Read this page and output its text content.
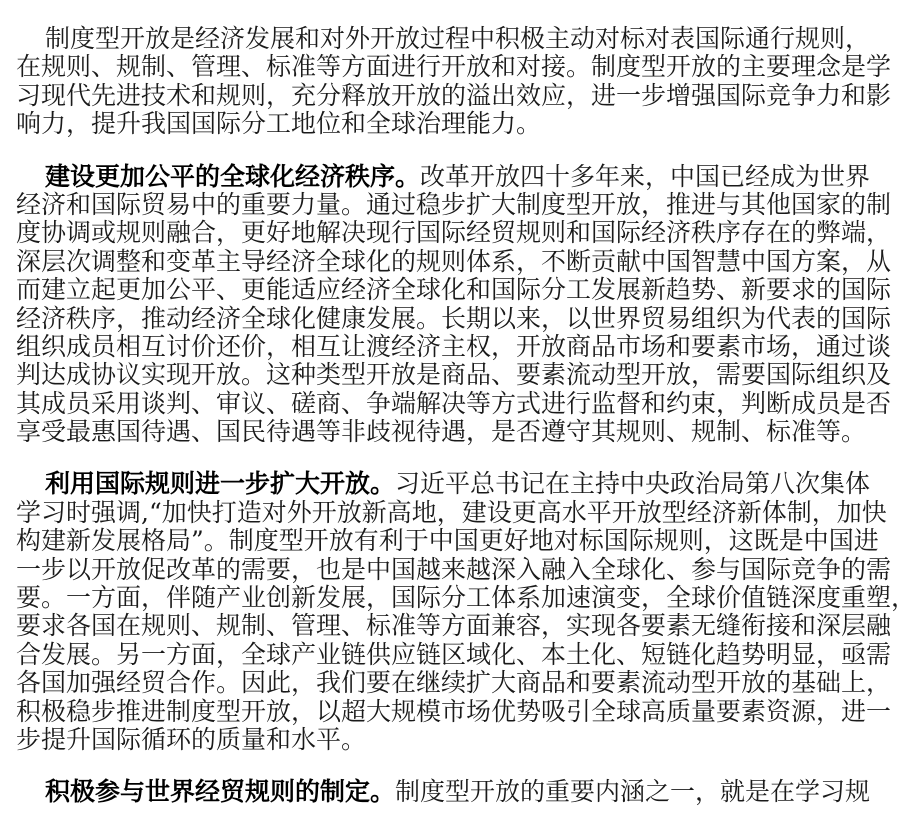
制度型开放是经济发展和对外开放过程中积极主动对标对表国际通行规则，
在规则、规制、管理、标准等方面进行开放和对接。制度型开放的主要理念是学
习现代先进技术和规则，充分释放开放的溢出效应，进一步增强国际竞争力和影
响力，提升我国国际分工地位和全球治理能力。
建设更加公平的全球化经济秩序。改革开放四十多年来，中国已经成为世界
经济和国际贸易中的重要力量。通过稳步扩大制度型开放，推进与其他国家的制
度协调或规则融合，更好地解决现行国际经贸规则和国际经济秩序存在的弊端，
深层次调整和变革主导经济全球化的规则体系，不断贡献中国智慧中国方案，从
而建立起更加公平、更能适应经济全球化和国际分工发展新趋势、新要求的国际
经济秩序，推动经济全球化健康发展。长期以来，以世界贸易组织为代表的国际
组织成员相互讨价还价，相互让渡经济主权，开放商品市场和要素市场，通过谈
判达成协议实现开放。这种类型开放是商品、要素流动型开放，需要国际组织及
其成员采用谈判、审议、磋商、争端解决等方式进行监督和约束，判断成员是否
享受最惠国待遇、国民待遇等非歧视待遇，是否遵守其规则、规制、标准等。
利用国际规则进一步扩大开放。习近平总书记在主持中央政治局第八次集体
学习时强调,“加快打造对外开放新高地，建设更高水平开放型经济新体制，加快
构建新发展格局”。制度型开放有利于中国更好地对标国际规则，这既是中国进
一步以开放促改革的需要，也是中国越来越深入融入全球化、参与国际竞争的需
要。一方面，伴随产业创新发展，国际分工体系加速演变，全球价值链深度重塑，
要求各国在规则、规制、管理、标准等方面兼容，实现各要素无缝衔接和深层融
合发展。另一方面，全球产业链供应链区域化、本土化、短链化趋势明显，亟需
各国加强经贸合作。因此，我们要在继续扩大商品和要素流动型开放的基础上，
积极稳步推进制度型开放，以超大规模市场优势吸引全球高质量要素资源，进一
步提升国际循环的质量和水平。
积极参与世界经贸规则的制定。制度型开放的重要内涵之一，就是在学习规
